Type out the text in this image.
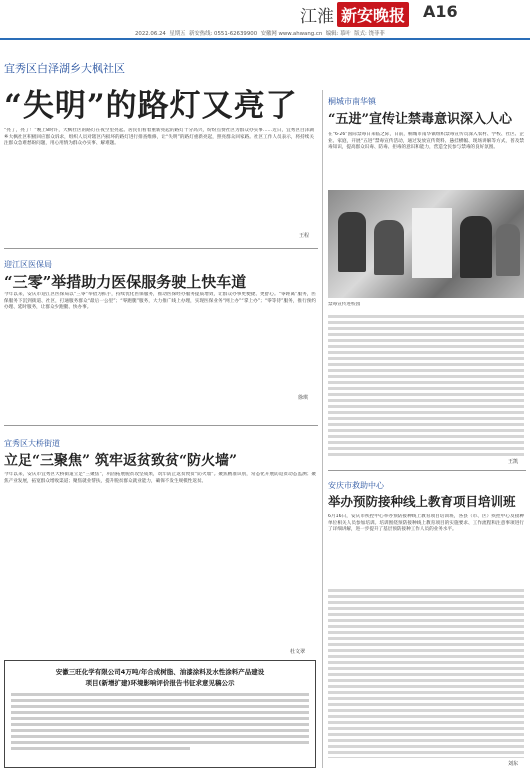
江淮 新安晚报 A16
2022.06.24 星期五 新安热线: 0551-62639900 安徽网 www.ahwang.cn 编辑: 慕叶 版式: 饶菲菲
宜秀区白泽湖乡大枫社区
“失明”的路灯又亮了
“亮了，亮了！”晚上8时许，大枫社区的路灯在夜空里亮起。居民们看着重新亮起的路灯十分高兴，纷纷点赞社区为群众办实事……近日，宜秀区白泽湖乡大枫社区积极回应群众诉求，组织人员对辖区内损坏的路灯进行排查维修，让“失明”的路灯重新亮起，照亮群众回家路。社区工作人员表示，将持续关注群众急难愁盼问题，用心用情为群众办实事、解难题。
王程
迎江区医保局
“三零”举措助力医保服务驶上快车道
今年以来，安庆市迎江区医保局以“三零”举措为抓手，持续优化医保服务，推动医保经办服务提质增效，让群众办事更便捷、更舒心。“零距离”服务，医保服务下沉到街道、社区，打通服务群众“最后一公里”；“零跑腿”服务，大力推广线上办理，实现医保业务“网上办”“掌上办”；“零等待”服务，推行预约办理、延时服务，让群众少跑腿、快办事。
徐琪
宜秀区大桥街道
立足“三聚焦” 筑牢返贫致贫“防火墙”
今年以来，安庆市宜秀区大桥街道立足“三聚焦”，巩固拓展脱贫攻坚成果，筑牢防止返贫致贫“防火墙”。聚焦精准识别，常态化开展防返贫动态监测；聚焦产业发展，拓宽群众增收渠道；聚焦就业帮扶，提升脱贫群众就业能力，确保不发生规模性返贫。
杜文翠
安徽三旺化学有限公司4万吨/年合成树脂、油漆涂料及水性涂料产品建设
项目(新增扩建)环境影响评价报告书征求意见稿公示
桐城市南华镇
“五进”宣传让禁毒意识深入人心
在“6·26”国际禁毒日来临之际，日前，桐城市南华镇组织禁毒宣传员深入农村、学校、社区、企业、家庭，开展“五进”禁毒宣传活动，通过发放宣传资料、悬挂横幅、现场讲解等方式，普及禁毒知识，提高群众识毒、防毒、拒毒的意识和能力，营造全民参与禁毒的良好氛围。
禁毒宣传进校园
王凯
安庆市救助中心
举办预防接种线上教育项目培训班
6月16日，安庆市疾控中心举办预防接种线上教育项目培训班，各县（市、区）疾控中心及接种单位相关人员参加培训。培训围绕预防接种线上教育项目的实施要求、工作流程和注意事项进行了详细讲解，进一步提升了基层预防接种工作人员的业务水平。
刘东
